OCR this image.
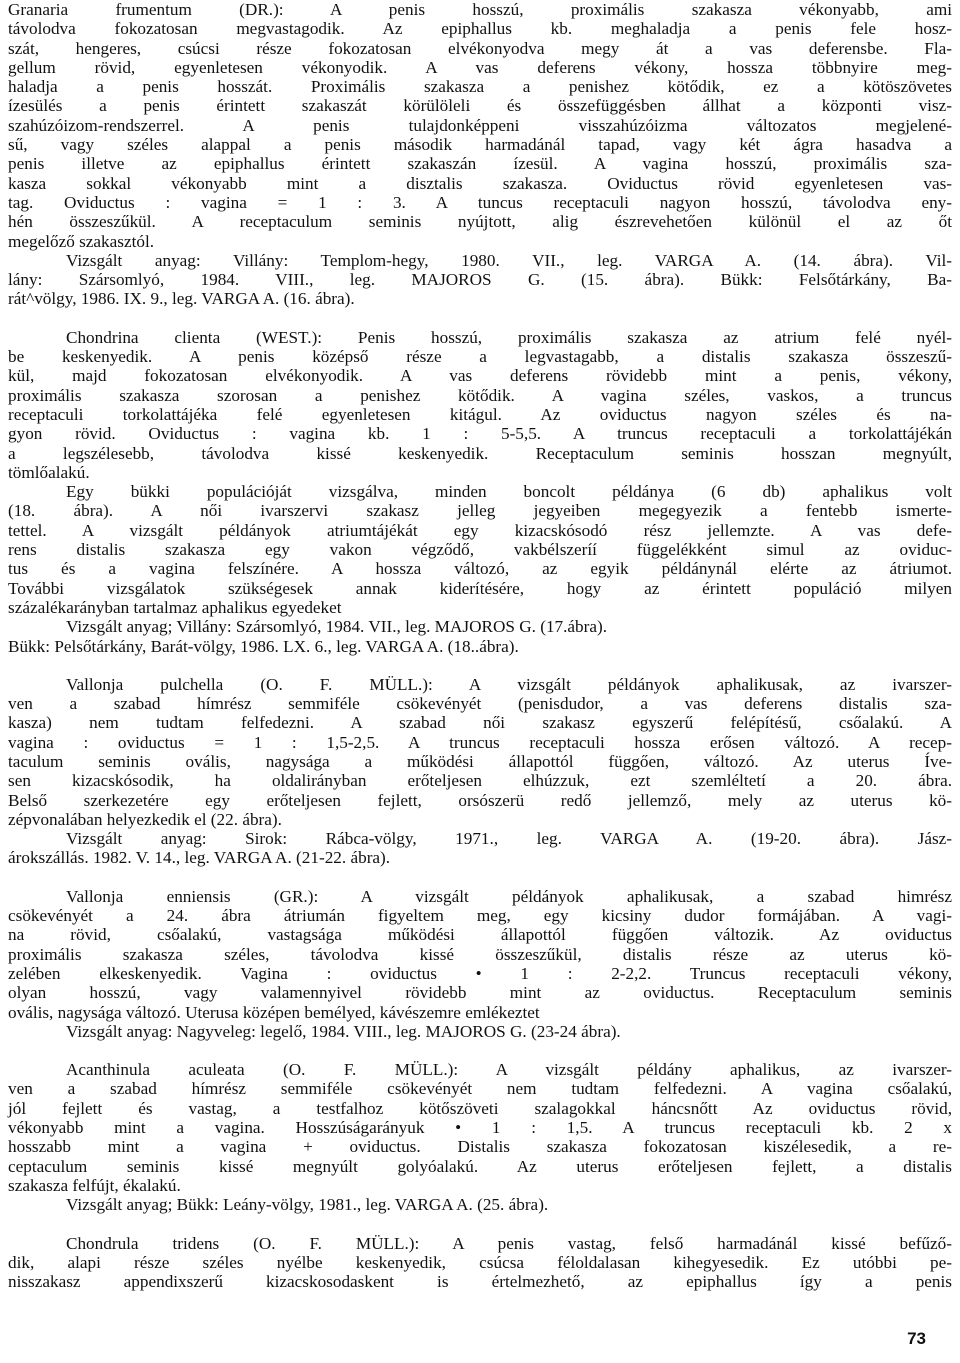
Granaria frumentum (DR.): A penis hosszú, proximális szakasza vékonyabb, ami
távolodva fokozatosan megvastagodik. Az epiphallus kb. meghaladja a penis fele hosz-
szát, hengeres, csúcsi része fokozatosan elvékonyodva megy át a vas deferensbe. Fla-
gellum rövid, egyenletesen vékonyodik. A vas deferens vékony, hossza többnyire meg-
haladja a penis hosszát. Proximális szakasza a penishez kötődik, ez a kötöszövetes
ízesülés a penis érintett szakaszát körülöleli és összefüggésben állhat a központi visz-
szahúzóizom-rendszerrel. A penis tulajdonképpeni visszahúzóizma változatos megjelené-
sű, vagy széles alappal a penis második harmadánál tapad, vagy két ágra hasadva a
penis illetve az epiphallus érintett szakaszán ízesül. A vagina hosszú, proximális sza-
kasza sokkal vékonyabb mint a disztalis szakasza. Oviductus rövid egyenletesen vas-
tag. Oviductus : vagina = 1 : 3. A tuncus receptaculi nagyon hosszú, távolodva eny-
hén összeszűkül. A receptaculum seminis nyújtott, alig észrevehetően különül el az őt
megelőző szakasztól.
Vizsgált anyag: Villány: Templom-hegy, 1980. VII., leg. VARGA A. (14. ábra). Vil-
lány: Szársomlyó, 1984. VIII., leg. MAJOROS G. (15. ábra). Bükk: Felsőtárkány, Ba-
rát^völgy, 1986. IX. 9., leg. VARGA A. (16. ábra).
Chondrina clienta (WEST.): Penis hosszú, proximális szakasza az atrium felé nyél-
be keskenyedik. A penis középső része a legvastagabb, a distalis szakasza összeszű-
kül, majd fokozatosan elvékonyodik. A vas deferens rövidebb mint a penis, vékony,
proximális szakasza szorosan a penishez kötődik. A vagina széles, vaskos, a truncus
receptaculi torkolattájéka felé egyenletesen kitágul. Az oviductus nagyon széles és na-
gyon rövid. Oviductus : vagina kb. 1 : 5-5,5. A truncus receptaculi a torkolattájékán
a legszélesebb, távolodva kissé keskenyedik. Receptaculum seminis hosszan megnyúlt,
tömlőalakú.
Egy bükki populációját vizsgálva, minden boncolt példánya (6 db) aphalikus volt
(18. ábra). A női ivarszervi szakasz jelleg jegyeiben megegyezik a fentebb ismerte-
tettel. A vizsgált példányok atriumtájékát egy kizacskósodó rész jellemzte. A vas defe-
rens distalis szakasza egy vakon végződő, vakbélszeríí függelékként simul az oviduc-
tus és a vagina felszínére. A hossza változó, az egyik példánynál elérte az átriumot.
További vizsgálatok szükségesek annak kiderítésére, hogy az érintett populáció milyen
százalékarányban tartalmaz aphalikus egyedeket
Vizsgált anyag; Villány: Szársomlyó, 1984. VII., leg. MAJOROS G. (17.ábra).
Bükk: Pelsőtárkány, Barát-völgy, 1986. LX. 6., leg. VARGA A. (18..ábra).
Vallonja pulchella (O. F. MÜLL.): A vizsgált példányok aphalikusak, az ivarszer-
ven a szabad hímrész semmiféle csökevényét (penisdudor, a vas deferens distalis sza-
kasza) nem tudtam felfedezni. A szabad női szakasz egyszerű felépítésű, csőalakú. A
vagina : oviductus = 1 : 1,5-2,5. A truncus receptaculi hossza erősen változó. A recep-
taculum seminis ovális, nagysága a működési állapottól függően, változó. Az uterus Íve-
sen kizacskósodik, ha oldalirányban erőteljesen elhúzzuk, ezt szemléltetí a 20. ábra.
Belső szerkezetére egy erőteljesen fejlett, orsószerü redő jellemző, mely az uterus kö-
zépvonalában helyezkedik el (22. ábra).
Vizsgált anyag: Sirok: Rábca-völgy, 1971., leg. VARGA A. (19-20. ábra). Jász-
árokszállás. 1982. V. 14., leg. VARGA A. (21-22. ábra).
Vallonja enniensis (GR.): A vizsgált példányok aphalikusak, a szabad himrész
csökevényét a 24. ábra átriumán figyeltem meg, egy kicsiny dudor formájában. A vagi-
na rövid, csőalakú, vastagsága működési állapottól függően változik. Az oviductus
proximális szakasza széles, távolodva kissé összeszűkül, distalis része az uterus kö-
zelében elkeskenyedik. Vagina : oviductus • 1 : 2-2,2. Truncus receptaculi vékony,
olyan hosszú, vagy valamennyivel rövidebb mint az oviductus. Receptaculum seminis
ovális, nagysága változó. Uterusa középen bemélyed, kávészemre emlékeztet
Vizsgált anyag: Nagyveleg: legelő, 1984. VIII., leg. MAJOROS G. (23-24 ábra).
Acanthinula aculeata (O. F. MÜLL.): A vizsgált példány aphalikus, az ivarszer-
ven a szabad hímrész semmiféle csökevényét nem tudtam felfedezni. A vagina csőalakú,
jól fejlett és vastag, a testfalhoz kötőszöveti szalagokkal háncsnőtt Az oviductus rövid,
vékonyabb mint a vagina. Hosszúságarányuk • 1 : 1,5. A truncus receptaculi kb. 2 x
hosszabb mint a vagina + oviductus. Distalis szakasza fokozatosan kiszélesedik, a re-
ceptaculum seminis kissé megnyúlt golyóalakú. Az uterus erőteljesen fejlett, a distalis
szakasza felfújt, ékalakú.
Vizsgált anyag; Bükk: Leány-völgy, 1981., leg. VARGA A. (25. ábra).
Chondrula tridens (O. F. MÜLL.): A penis vastag, felső harmadánál kissé befűző-
dik, alapi része széles nyélbe keskenyedik, csúcsa féloldalasan kihegyesedik. Ez utóbbi pe-
nisszakasz appendixszerű kizacskosodaskent is értelmezhető, az epiphallus így a penis
73
